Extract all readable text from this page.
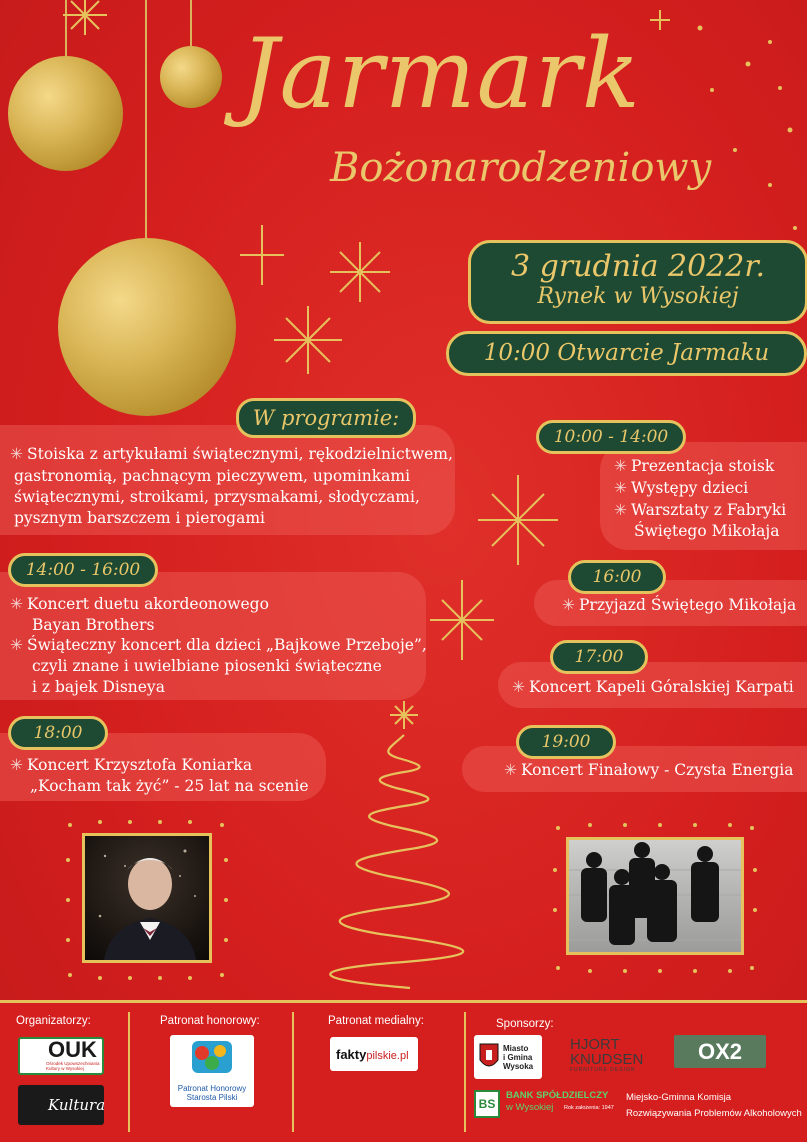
Jarmark
Bożonarodzeniowy
3 grudnia 2022r.
Rynek w Wysokiej
10:00 Otwarcie Jarmaku
W programie:
10:00 - 14:00
14:00 - 16:00	16:00
17:00
18:00	19:00
✳ Stoiska z artykułami świątecznymi, rękodzielnictwem,
gastronomią, pachnącym pieczywem, upominkami
świątecznymi, stroikami, przysmakami, słodyczami,
pysznym barszczem i pierogami
✳ Prezentacja stoisk
✳ Występy dzieci
✳ Warsztaty z Fabryki
Świętego Mikołaja
✳ Koncert duetu akordeonowego
Bayan Brothers
✳ Świąteczny koncert dla dzieci „Bajkowe Przeboje”,
czyli znane i uwielbiane piosenki świąteczne
i z bajek Disneya
✳ Przyjazd Świętego Mikołaja
✳ Koncert Kapeli Góralskiej Karpati
✳ Koncert Krzysztofa Koniarka
„Kocham tak żyć” - 25 lat na scenie
✳ Koncert Finałowy - Czysta Energia
Organizatorzy:	Patronat honorowy:	Patronat medialny:	Sponsorzy:
OUK
Ośrodek Upowszechniania Kultury w Wysokiej
Kultura
Patronat Honorowy
Starosta Pilski
faktypilskie.pl
Miasto
i Gmina
Wysoka
HJORT
KNUDSEN
FURNITURE DESIGN
OX2
BS
BANK SPÓŁDZIELCZY
w Wysokiej Rok założenia: 1947
Miejsko-Gminna Komisja
Rozwiązywania Problemów Alkoholowych
